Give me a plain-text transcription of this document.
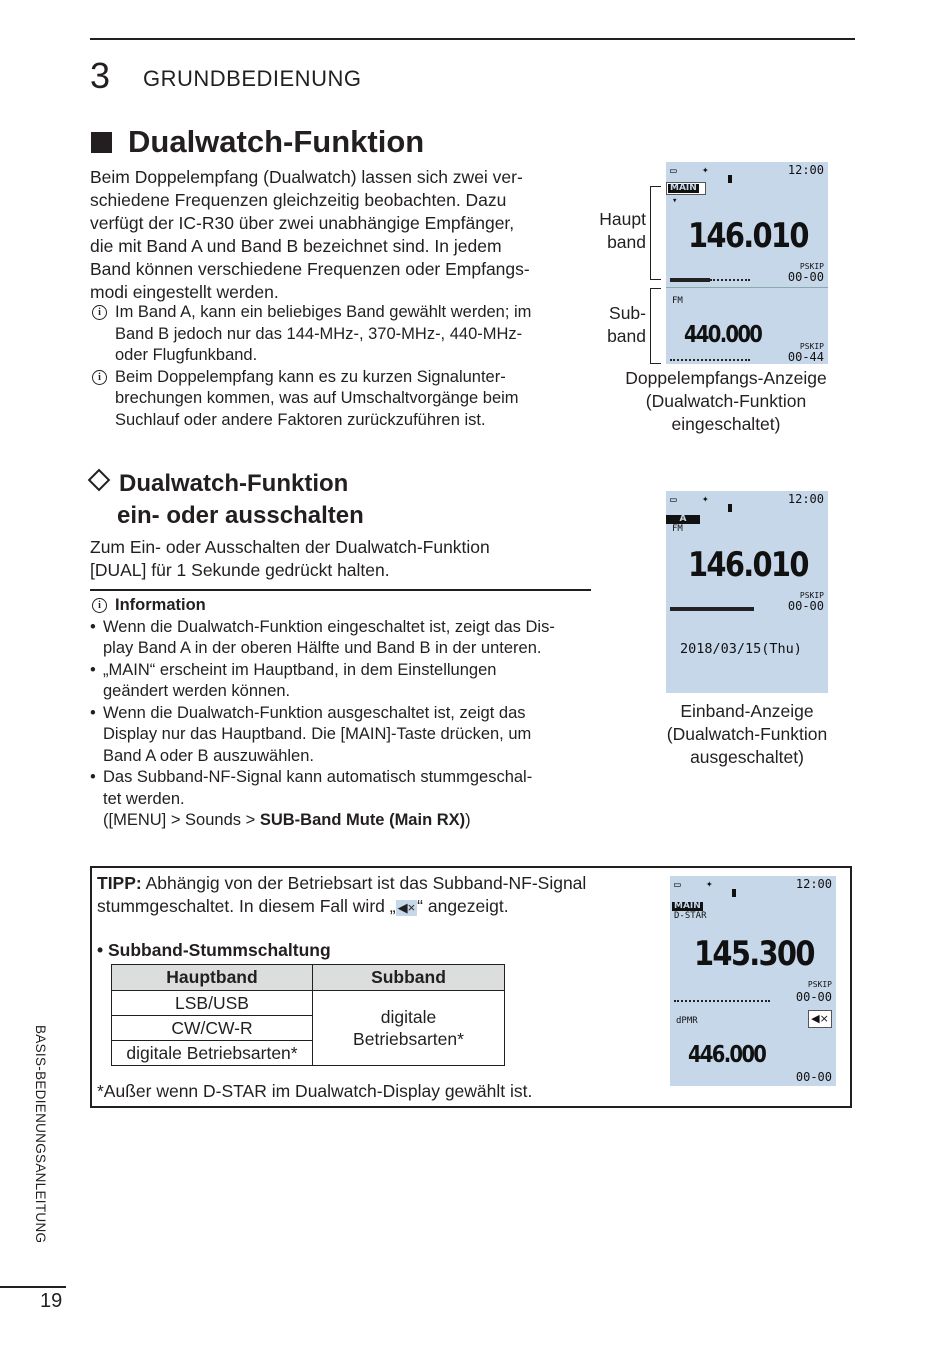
3 GRUNDBEDIENUNG
Dualwatch-Funktion
Beim Doppelempfang (Dualwatch) lassen sich zwei ver-
schiedene Frequenzen gleichzeitig beobachten. Dazu
verfügt der IC-R30 über zwei unabhängige Empfänger,
die mit Band A und Band B bezeichnet sind. In jedem
Band können verschiedene Frequenzen oder Empfangs-
modi eingestellt werden.
i Im Band A, kann ein beliebiges Band gewählt werden; im
Band B jedoch nur das 144-MHz-, 370-MHz-, 440-MHz-
oder Flugfunkband.
i Beim Doppelempfang kann es zu kurzen Signalunter-
brechungen kommen, was auf Umschaltvorgänge beim
Suchlauf oder andere Faktoren zurückzuführen ist.
Haupt
band
Sub-
band
▭ ✦	12:00
MAIN
▾
146.010
PSKIP
00-00
FM
440.000	PSKIP
00-44
Doppelempfangs-Anzeige
(Dualwatch-Funktion
eingeschaltet)
Dualwatch-Funktion
ein- oder ausschalten
Zum Ein- oder Ausschalten der Dualwatch-Funktion
[DUAL] für 1 Sekunde gedrückt halten.
i Information
• Wenn die Dualwatch-Funktion eingeschaltet ist, zeigt das Dis-
play Band A in der oberen Hälfte und Band B in der unteren.
• „MAIN“ erscheint im Hauptband, in dem Einstellungen
geändert werden können.
• Wenn die Dualwatch-Funktion ausgeschaltet ist, zeigt das
Display nur das Hauptband. Die [MAIN]-Taste drücken, um
Band A oder B auszuwählen.
• Das Subband-NF-Signal kann automatisch stummgeschal-
tet werden.
([MENU] > Sounds > SUB-Band Mute (Main RX))
▭ ✦	12:00
A
FM
146.010
PSKIP
00-00
2018/03/15(Thu)
Einband-Anzeige
(Dualwatch-Funktion
ausgeschaltet)
TIPP: Abhängig von der Betriebsart ist das Subband-NF-Signal
stummgeschaltet. In diesem Fall wird „ ◀× “ angezeigt.
• Subband-Stummschaltung
Hauptband	Subband
LSB/USB	digitale
Betriebsarten*

CW/CW-R	
digitale Betriebsarten*	
*Außer wenn D-STAR im Dualwatch-Display gewählt ist.
▭ ✦	12:00
MAIN
D-STAR
145.300
PSKIP
00-00
dPMR	◀×
446.000
00-00
BASIS-BEDIENUNGSANLEITUNG
19
